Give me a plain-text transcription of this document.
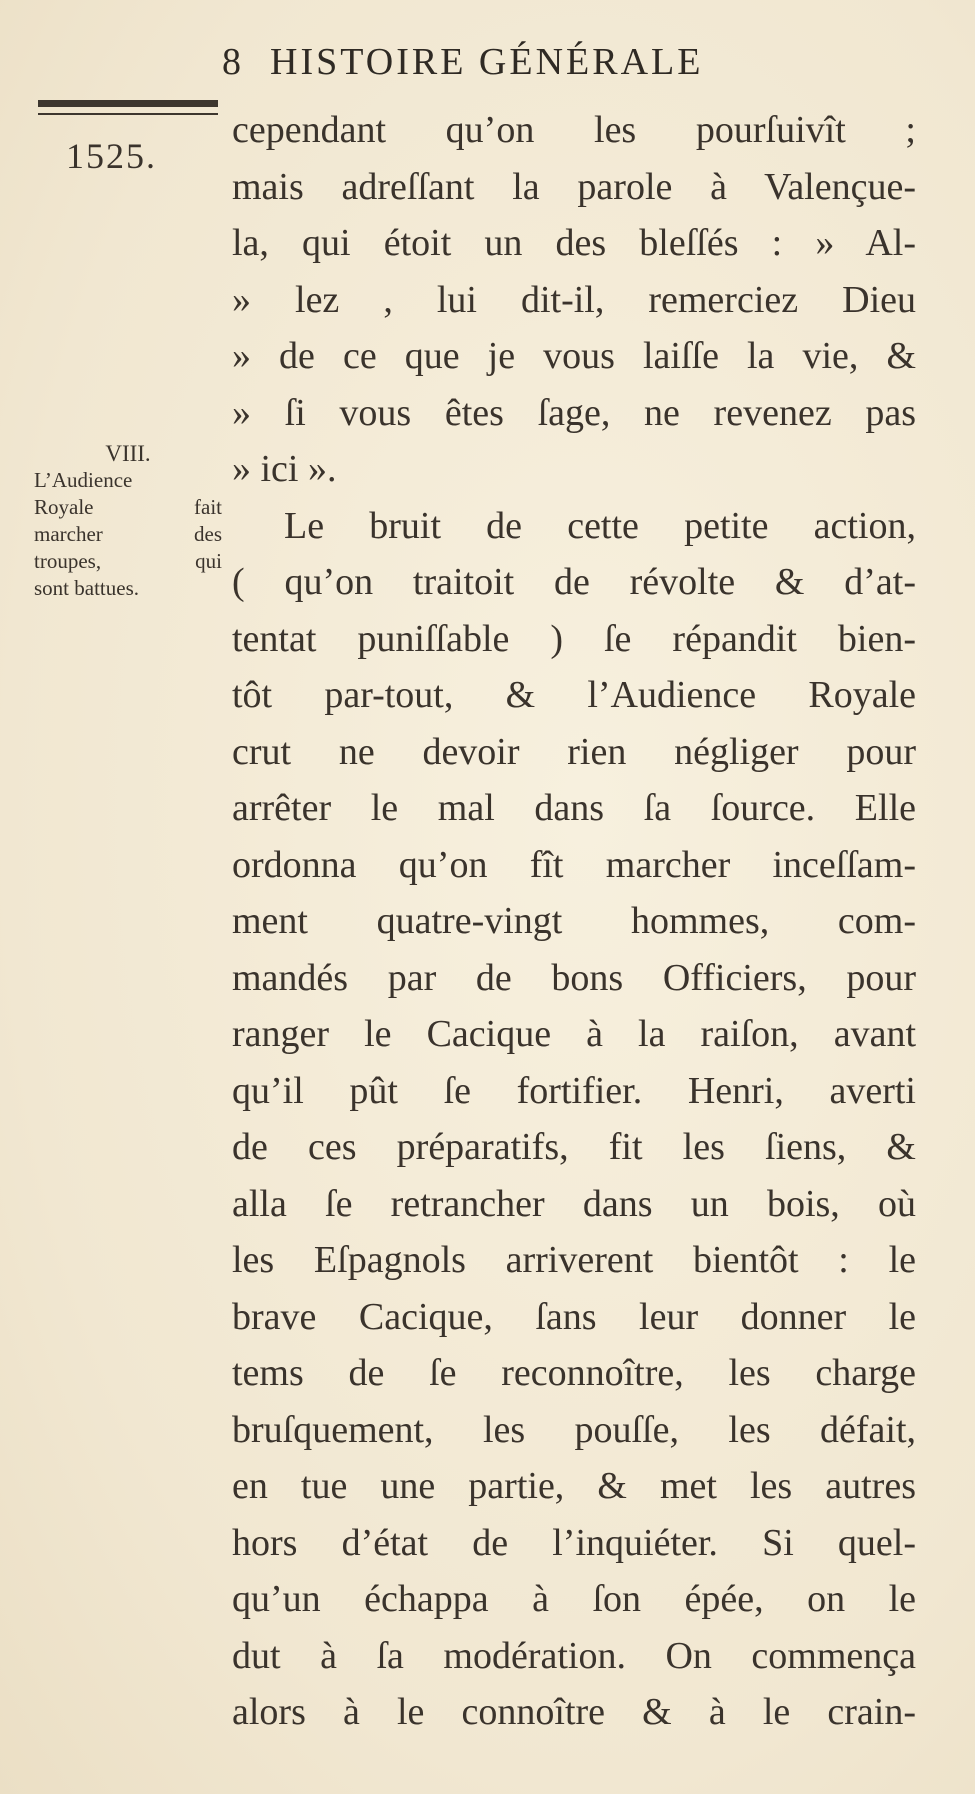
8 HISTOIRE GÉNÉRALE
1525.
VIII.
L’Audience
Royale fait
marcher des
troupes, qui
sont battues.
cependant qu’on les pourſuivît ;
mais adreſſant la parole à Valençue-
la, qui étoit un des bleſſés : » Al-
» lez , lui dit-il, remerciez Dieu
» de ce que je vous laiſſe la vie, &
» ſi vous êtes ſage, ne revenez pas
» ici ».
Le bruit de cette petite action,
( qu’on traitoit de révolte & d’at-
tentat puniſſable ) ſe répandit bien-
tôt par-tout, & l’Audience Royale
crut ne devoir rien négliger pour
arrêter le mal dans ſa ſource. Elle
ordonna qu’on fît marcher inceſſam-
ment quatre-vingt hommes, com-
mandés par de bons Officiers, pour
ranger le Cacique à la raiſon, avant
qu’il pût ſe fortifier. Henri, averti
de ces préparatifs, fit les ſiens, &
alla ſe retrancher dans un bois, où
les Eſpagnols arriverent bientôt : le
brave Cacique, ſans leur donner le
tems de ſe reconnoître, les charge
bruſquement, les pouſſe, les défait,
en tue une partie, & met les autres
hors d’état de l’inquiéter. Si quel-
qu’un échappa à ſon épée, on le
dut à ſa modération. On commença
alors à le connoître & à le crain-
